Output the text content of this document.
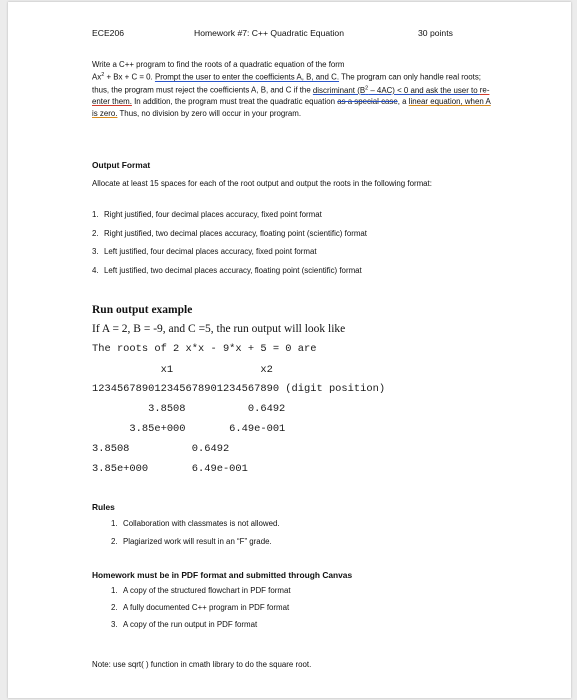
ECE206	Homework #7: C++ Quadratic Equation	30 points
Write a C++ program to find the roots of a quadratic equation of the form
$Ax^2 + Bx + C = 0$. Prompt the user to enter the coefficients A, B, and C. The program can only handle real roots; thus, the program must reject the coefficients A, B, and C if the discriminant $(B^2 - 4AC) < 0$ and ask the user to re-enter them. In addition, the program must treat the quadratic equation as a special case, a linear equation, when A is zero. Thus, no division by zero will occur in your program.
Output Format
Allocate at least 15 spaces for each of the root output and output the roots in the following format:
1. Right justified, four decimal places accuracy, fixed point format
2. Right justified, two decimal places accuracy, floating point (scientific) format
3. Left justified, four decimal places accuracy, fixed point format
4. Left justified, two decimal places accuracy, floating point (scientific) format
Run output example
If A = 2, B = -9, and C =5, the run output will look like
The roots of 2 x*x - 9*x + 5 = 0 are
x1              x2
123456789012345678901234567890 (digit position)
3.8508          0.6492
3.85e+000       6.49e-001
3.8508          0.6492
3.85e+000       6.49e-001
Rules
1. Collaboration with classmates is not allowed.
2. Plagiarized work will result in an “F” grade.
Homework must be in PDF format and submitted through Canvas
1. A copy of the structured flowchart in PDF format
2. A fully documented C++ program in PDF format
3. A copy of the run output in PDF format
Note: use sqrt( ) function in cmath library to do the square root.
